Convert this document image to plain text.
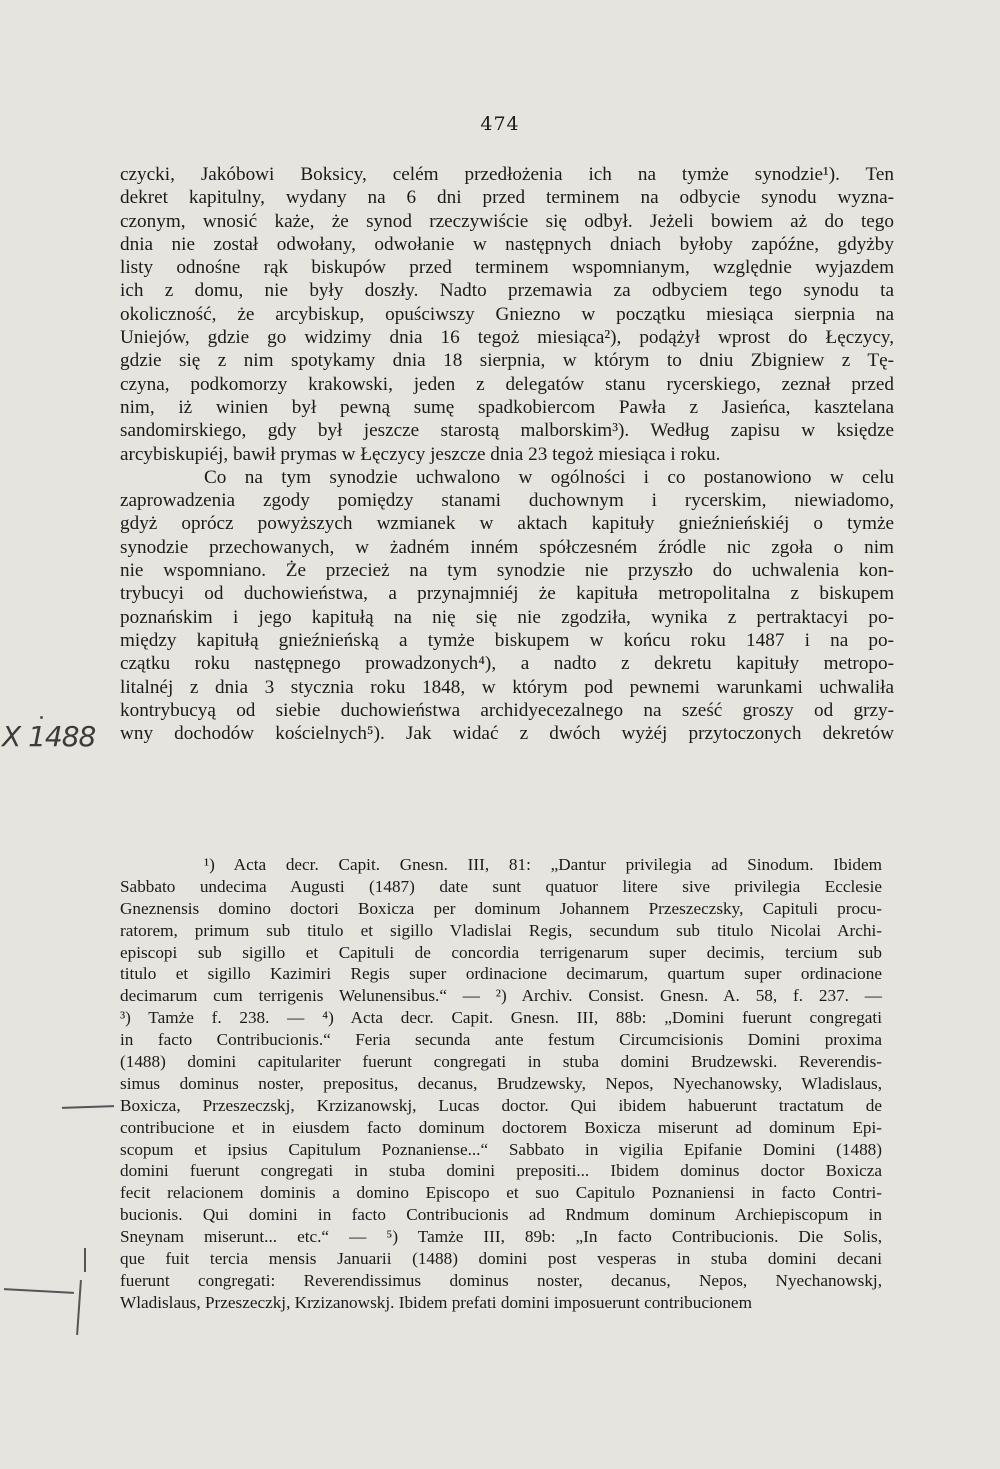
474
X 1488
czycki, Jakóbowi Boksicy, celém przedłożenia ich na tymże synodzie¹). Ten
dekret kapitulny, wydany na 6 dni przed terminem na odbycie synodu wyzna-
czonym, wnosić każe, że synod rzeczywiście się odbył. Jeżeli bowiem aż do tego
dnia nie został odwołany, odwołanie w następnych dniach byłoby zapóźne, gdyżby
listy odnośne rąk biskupów przed terminem wspomnianym, względnie wyjazdem
ich z domu, nie były doszły. Nadto przemawia za odbyciem tego synodu ta
okoliczność, że arcybiskup, opuściwszy Gniezno w początku miesiąca sierpnia na
Uniejów, gdzie go widzimy dnia 16 tegoż miesiąca²), podążył wprost do Łęczycy,
gdzie się z nim spotykamy dnia 18 sierpnia, w którym to dniu Zbigniew z Tę-
czyna, podkomorzy krakowski, jeden z delegatów stanu rycerskiego, zeznał przed
nim, iż winien był pewną sumę spadkobiercom Pawła z Jasieńca, kasztelana
sandomirskiego, gdy był jeszcze starostą malborskim³). Według zapisu w księdze
arcybiskupiéj, bawił prymas w Łęczycy jeszcze dnia 23 tegoż miesiąca i roku.
Co na tym synodzie uchwalono w ogólności i co postanowiono w celu
zaprowadzenia zgody pomiędzy stanami duchownym i rycerskim, niewiadomo,
gdyż oprócz powyższych wzmianek w aktach kapituły gnieźnieńskiéj o tymże
synodzie przechowanych, w żadném inném spółczesném źródle nic zgoła o nim
nie wspomniano. Że przecież na tym synodzie nie przyszło do uchwalenia kon-
trybucyi od duchowieństwa, a przynajmniéj że kapituła metropolitalna z biskupem
poznańskim i jego kapitułą na nię się nie zgodziła, wynika z pertraktacyi po-
między kapitułą gnieźnieńską a tymże biskupem w końcu roku 1487 i na po-
czątku roku następnego prowadzonych⁴), a nadto z dekretu kapituły metropo-
litalnéj z dnia 3 stycznia roku 1848, w którym pod pewnemi warunkami uchwaliła
kontrybucyą od siebie duchowieństwa archidyecezalnego na sześć groszy od grzy-
wny dochodów kościelnych⁵). Jak widać z dwóch wyżéj przytoczonych dekretów
¹) Acta decr. Capit. Gnesn. III, 81: „Dantur privilegia ad Sinodum. Ibidem
Sabbato undecima Augusti (1487) date sunt quatuor litere sive privilegia Ecclesie
Gneznensis domino doctori Boxicza per dominum Johannem Przeszeczsky, Capituli procu-
ratorem, primum sub titulo et sigillo Vladislai Regis, secundum sub titulo Nicolai Archi-
episcopi sub sigillo et Capituli de concordia terrigenarum super decimis, tercium sub
titulo et sigillo Kazimiri Regis super ordinacione decimarum, quartum super ordinacione
decimarum cum terrigenis Welunensibus.“ — ²) Archiv. Consist. Gnesn. A. 58, f. 237. —
³) Tamże f. 238. — ⁴) Acta decr. Capit. Gnesn. III, 88b: „Domini fuerunt congregati
in facto Contribucionis.“ Feria secunda ante festum Circumcisionis Domini proxima
(1488) domini capitulariter fuerunt congregati in stuba domini Brudzewski. Reverendis-
simus dominus noster, prepositus, decanus, Brudzewsky, Nepos, Nyechanowsky, Wladislaus,
Boxicza, Przeszeczskj, Krzizanowskj, Lucas doctor. Qui ibidem habuerunt tractatum de
contribucione et in eiusdem facto dominum doctorem Boxicza miserunt ad dominum Epi-
scopum et ipsius Capitulum Poznaniense...“ Sabbato in vigilia Epifanie Domini (1488)
domini fuerunt congregati in stuba domini prepositi... Ibidem dominus doctor Boxicza
fecit relacionem dominis a domino Episcopo et suo Capitulo Poznaniensi in facto Contri-
bucionis. Qui domini in facto Contribucionis ad Rndmum dominum Archiepiscopum in
Sneynam miserunt... etc.“ — ⁵) Tamże III, 89b: „In facto Contribucionis. Die Solis,
que fuit tercia mensis Januarii (1488) domini post vesperas in stuba domini decani
fuerunt congregati: Reverendissimus dominus noster, decanus, Nepos, Nyechanowskj,
Wladislaus, Przeszeczkj, Krzizanowskj. Ibidem prefati domini imposuerunt contribucionem
